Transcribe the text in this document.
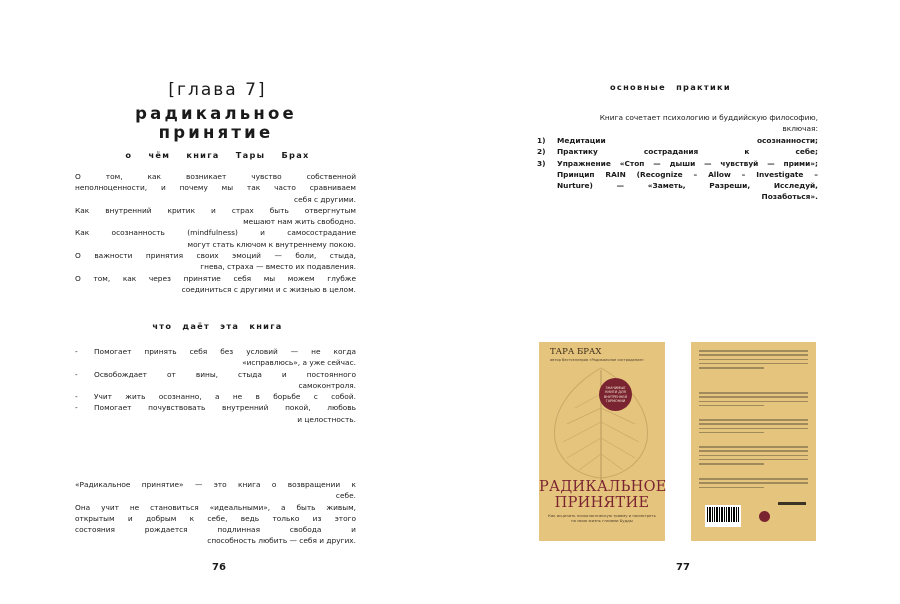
[глава 7]
радикальное принятие
о чём книга Тары Брах

О том, как возникает чувство собственной

неполноценности, и почему мы так часто сравниваем

себя с другими.

Как внутренний критик и страх быть отвергнутым

мешают нам жить свободно.

Как осознанность (mindfulness) и самосострадание

могут стать ключом к внутреннему покою.

О важности принятия своих эмоций — боли, стыда,

гнева, страха — вместо их подавления.

О том, как через принятие себя мы можем глубже

соединиться с другими и с жизнью в целом.

что даёт эта книга
- Помогает принять себя без условий — не когда
«исправлюсь», а уже сейчас.
- Освобождает от вины, стыда и постоянного
самоконтроля.
- Учит жить осознанно, а не в борьбе с собой.
- Помогает почувствовать внутренний покой, любовь
и целостность.
«Радикальное принятие» — это книга о возвращении к
себе.
Она учит не становиться «идеальными», а быть живым,
открытым и добрым к себе, ведь только из этого
состояния рождается подлинная свобода и
способность любить — себя и других.
76
основные практики
Книга сочетает психологию и буддийскую философию,
включая:
1) Медитации осознанности;
2) Практику сострадания к себе;
3) Упражнение «Стоп — дыши — чувствуй — прими»;
Принцип RAIN (Recognize – Allow – Investigate –
Nurture) — «Заметь, Разреши, Исследуй,
Позаботься».
ТАРА БРАХ
автор бестселлеров «Радикальное сострадание»
ЗНАЧИМЫЕ КНИГИ ДЛЯ ВНУТРЕННЕЙ ГАРМОНИИ
РАДИКАЛЬНОЕ
ПРИНЯТИЕ
Как исцелить психологическую травму и посмотреть на свою жизнь глазами Будды
77
